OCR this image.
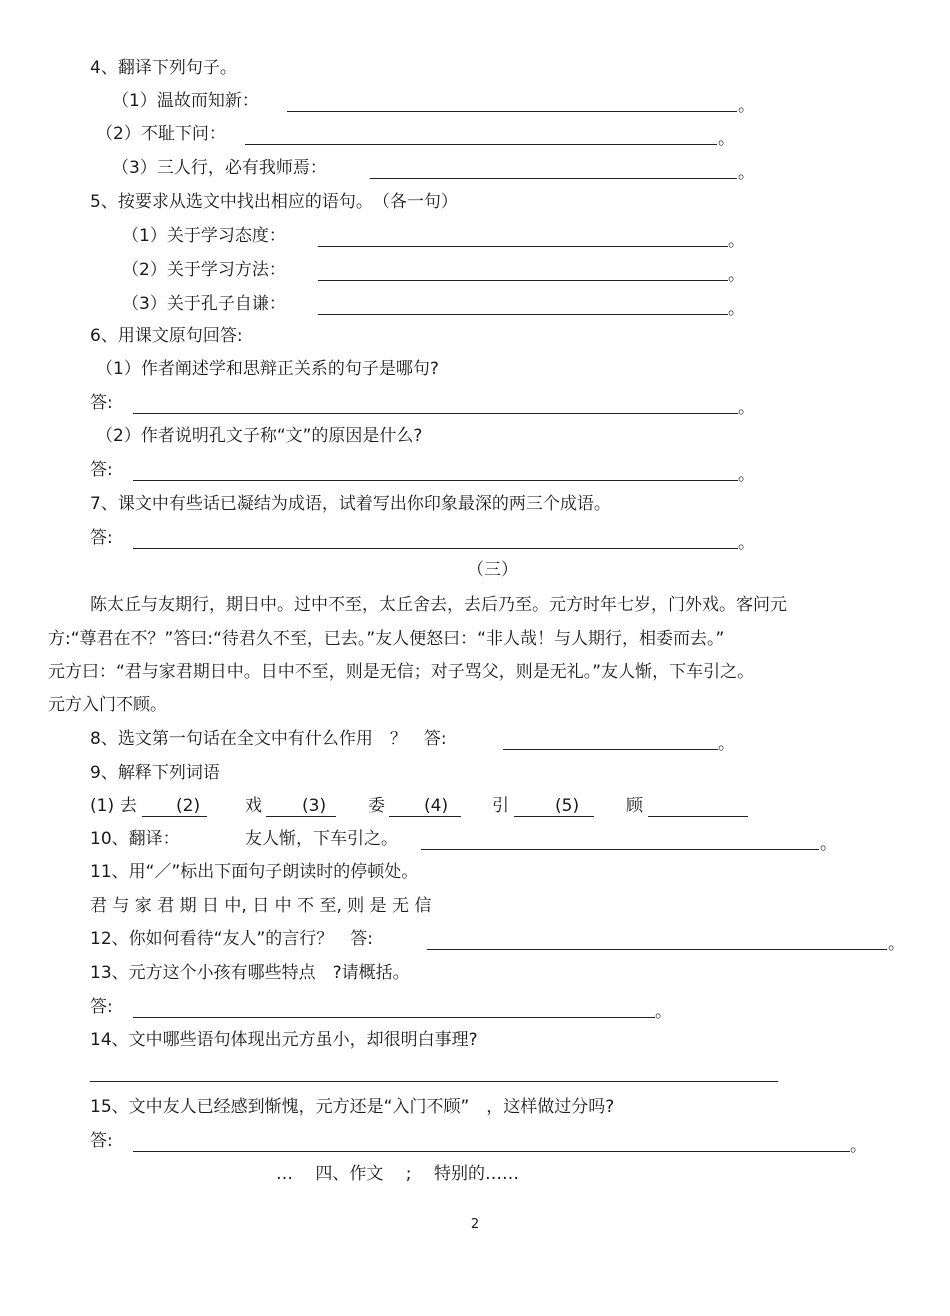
4、翻译下列句子。
（1）温故而知新：	。
（2）不耻下问：	。
（3）三人行，必有我师焉：	。
5、按要求从选文中找出相应的语句。　（各一句）
（1）关于学习态度：	。
（2）关于学习方法：	。
（3）关于孔子自谦：	。
6、用课文原句回答:
（1）作者阐述学和思辩正关系的句子是哪句?
答:	。
（2）作者说明孔文子称“文”的原因是什么?
答:	。
7、课文中有些话已凝结为成语，试着写出你印象最深的两三个成语。
答:	。
（三）
陈太丘与友期行，期日中。过中不至，太丘舍去，去后乃至。元方时年七岁，门外戏。客问元
方:“尊君在不？”答曰:“待君久不至，已去。”友人便怒曰：“非人哉！与人期行，相委而去。”
元方曰：“君与家君期日中。日中不至，则是无信；对子骂父，则是无礼。”友人惭，下车引之。
元方入门不顾。
8、选文第一句话在全文中有什么作用　？　答:	。
9、解释下列词语
(1) 去 (2)	戏 (3) 委 (4)	引	(5)	顾
10、翻译：	友人惭，下车引之。	。
11、用“／”标出下面句子朗读时的停顿处。
君 与 家 君 期 日 中, 日 中 不 至, 则 是 无 信
12、你如何看待“友人”的言行？　答:	。
13、元方这个小孩有哪些特点　?请概括。
答:	。
14、文中哪些语句体现出元方虽小，却很明白事理?
15、文中友人已经感到惭愧，元方还是“入门不顾”　，这样做过分吗?
答:	。
…　 四、作文　 ;　 特别的……
2
